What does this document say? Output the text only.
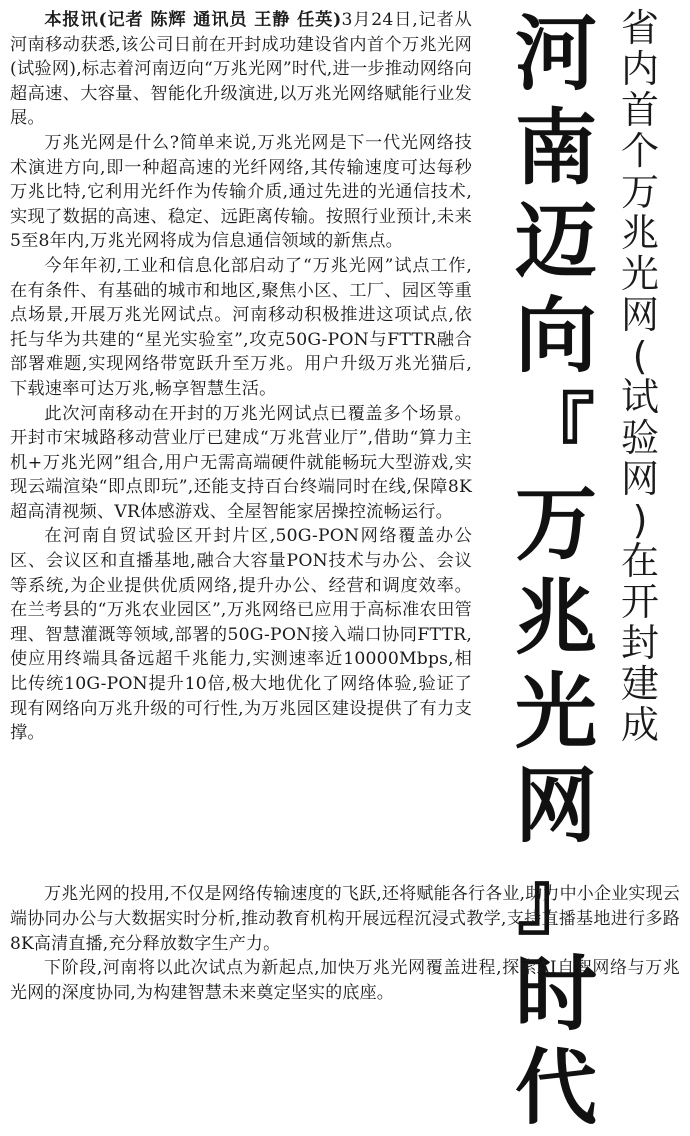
河
南
迈
向
『
万
兆
光
网
』
时
代
省
内
首
个
万
兆
光
网
(
试
验
网
)
在
开
封
建
成

本报讯(记者 陈辉 通讯员 王静 任英)3月24日,记者从河南移动获悉,该公司日前在开封成功建设省内首个万兆光网(试验网),标志着河南迈向“万兆光网”时代,进一步推动网络向超高速、大容量、智能化升级演进,以万兆光网络赋能行业发展。

万兆光网是什么?简单来说,万兆光网是下一代光网络技术演进方向,即一种超高速的光纤网络,其传输速度可达每秒万兆比特,它利用光纤作为传输介质,通过先进的光通信技术,实现了数据的高速、稳定、远距离传输。按照行业预计,未来5至8年内,万兆光网将成为信息通信领域的新焦点。

今年年初,工业和信息化部启动了“万兆光网”试点工作,在有条件、有基础的城市和地区,聚焦小区、工厂、园区等重点场景,开展万兆光网试点。河南移动积极推进这项试点,依托与华为共建的“星光实验室”,攻克50G-PON与FTTR融合部署难题,实现网络带宽跃升至万兆。用户升级万兆光猫后,下载速率可达万兆,畅享智慧生活。

此次河南移动在开封的万兆光网试点已覆盖多个场景。开封市宋城路移动营业厅已建成“万兆营业厅”,借助“算力主机+万兆光网”组合,用户无需高端硬件就能畅玩大型游戏,实现云端渲染“即点即玩”,还能支持百台终端同时在线,保障8K超高清视频、VR体感游戏、全屋智能家居操控流畅运行。

在河南自贸试验区开封片区,50G-PON网络覆盖办公区、会议区和直播基地,融合大容量PON技术与办公、会议等系统,为企业提供优质网络,提升办公、经营和调度效率。在兰考县的“万兆农业园区”,万兆网络已应用于高标准农田管理、智慧灌溉等领域,部署的50G-PON接入端口协同FTTR,使应用终端具备远超千兆能力,实测速率近10000Mbps,相比传统10G-PON提升10倍,极大地优化了网络体验,验证了现有网络向万兆升级的可行性,为万兆园区建设提供了有力支撑。

万兆光网的投用,不仅是网络传输速度的飞跃,还将赋能各行各业,助力中小企业实现云端协同办公与大数据实时分析,推动教育机构开展远程沉浸式教学,支持直播基地进行多路8K高清直播,充分释放数字生产力。

下阶段,河南将以此次试点为新起点,加快万兆光网覆盖进程,探索AI自智网络与万兆光网的深度协同,为构建智慧未来奠定坚实的底座。
